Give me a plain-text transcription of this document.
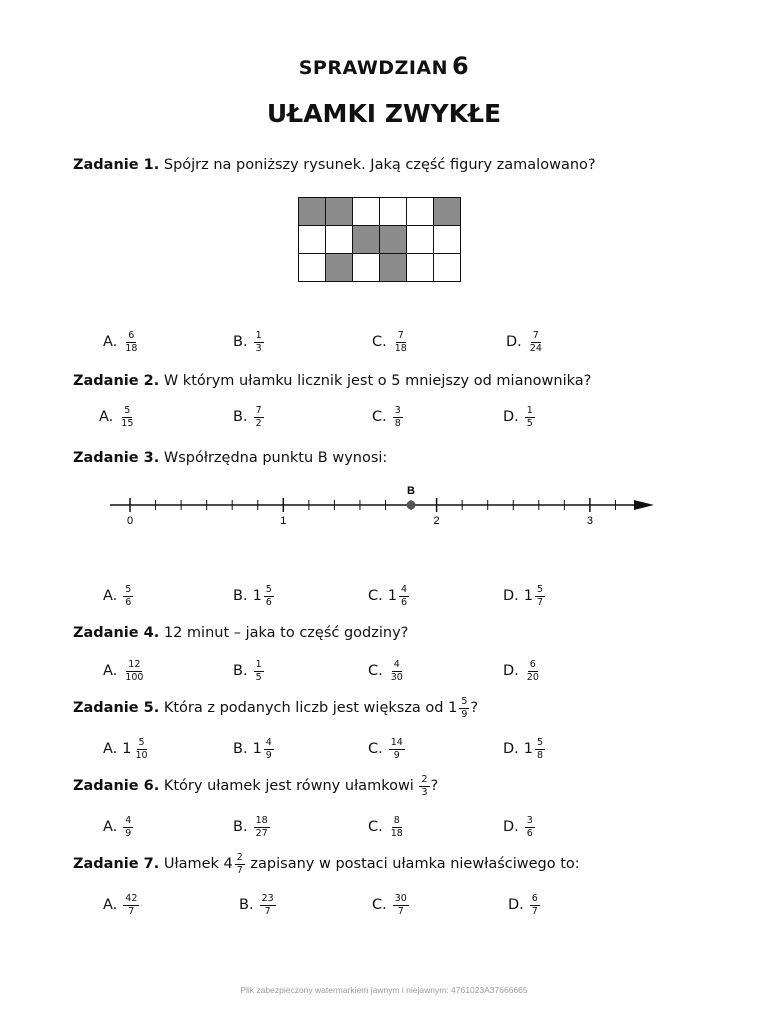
SPRAWDZIAN 6
UŁAMKI ZWYKŁE
Zadanie 1. Spójrz na poniższy rysunek. Jaką część figury zamalowano?
A. $\frac{6}{18}$	B. $\frac{1}{3}$	C. $\frac{7}{18}$	D. $\frac{7}{24}$
Zadanie 2. W którym ułamku licznik jest o 5 mniejszy od mianownika?
A. $\frac{5}{15}$	B. $\frac{7}{2}$	C. $\frac{3}{8}$	D. $\frac{1}{5}$
Zadanie 3. Współrzędna punktu B wynosi:
A. $\frac{5}{6}$	B. $1 \frac{5}{6}$	C. $1 \frac{4}{6}$	D. $1 \frac{5}{7}$
Zadanie 4. 12 minut – jaka to część godziny?
A. $\frac{12}{100}$	B. $\frac{1}{5}$	C. $\frac{4}{30}$	D. $\frac{6}{20}$
Zadanie 5. Która z podanych liczb jest większa od $1 \frac{5}{9}$ ?
A. $1 \frac{5}{10}$	B. $1 \frac{4}{9}$	C. $\frac{14}{9}$	D. $1 \frac{5}{8}$
Zadanie 6. Który ułamek jest równy ułamkowi $\frac{2}{3}$ ?
A. $\frac{4}{9}$	B. $\frac{18}{27}$	C. $\frac{8}{18}$	D. $\frac{3}{6}$
Zadanie 7. Ułamek $4 \frac{2}{7}$ zapisany w postaci ułamka niewłaściwego to:
A. $\frac{42}{7}$	B. $\frac{23}{7}$	C. $\frac{30}{7}$	D. $\frac{6}{7}$

0	1	2	3
B
Plik zabezpieczony watermarkiem jawnym i niejawnym: 4761023A37666665
